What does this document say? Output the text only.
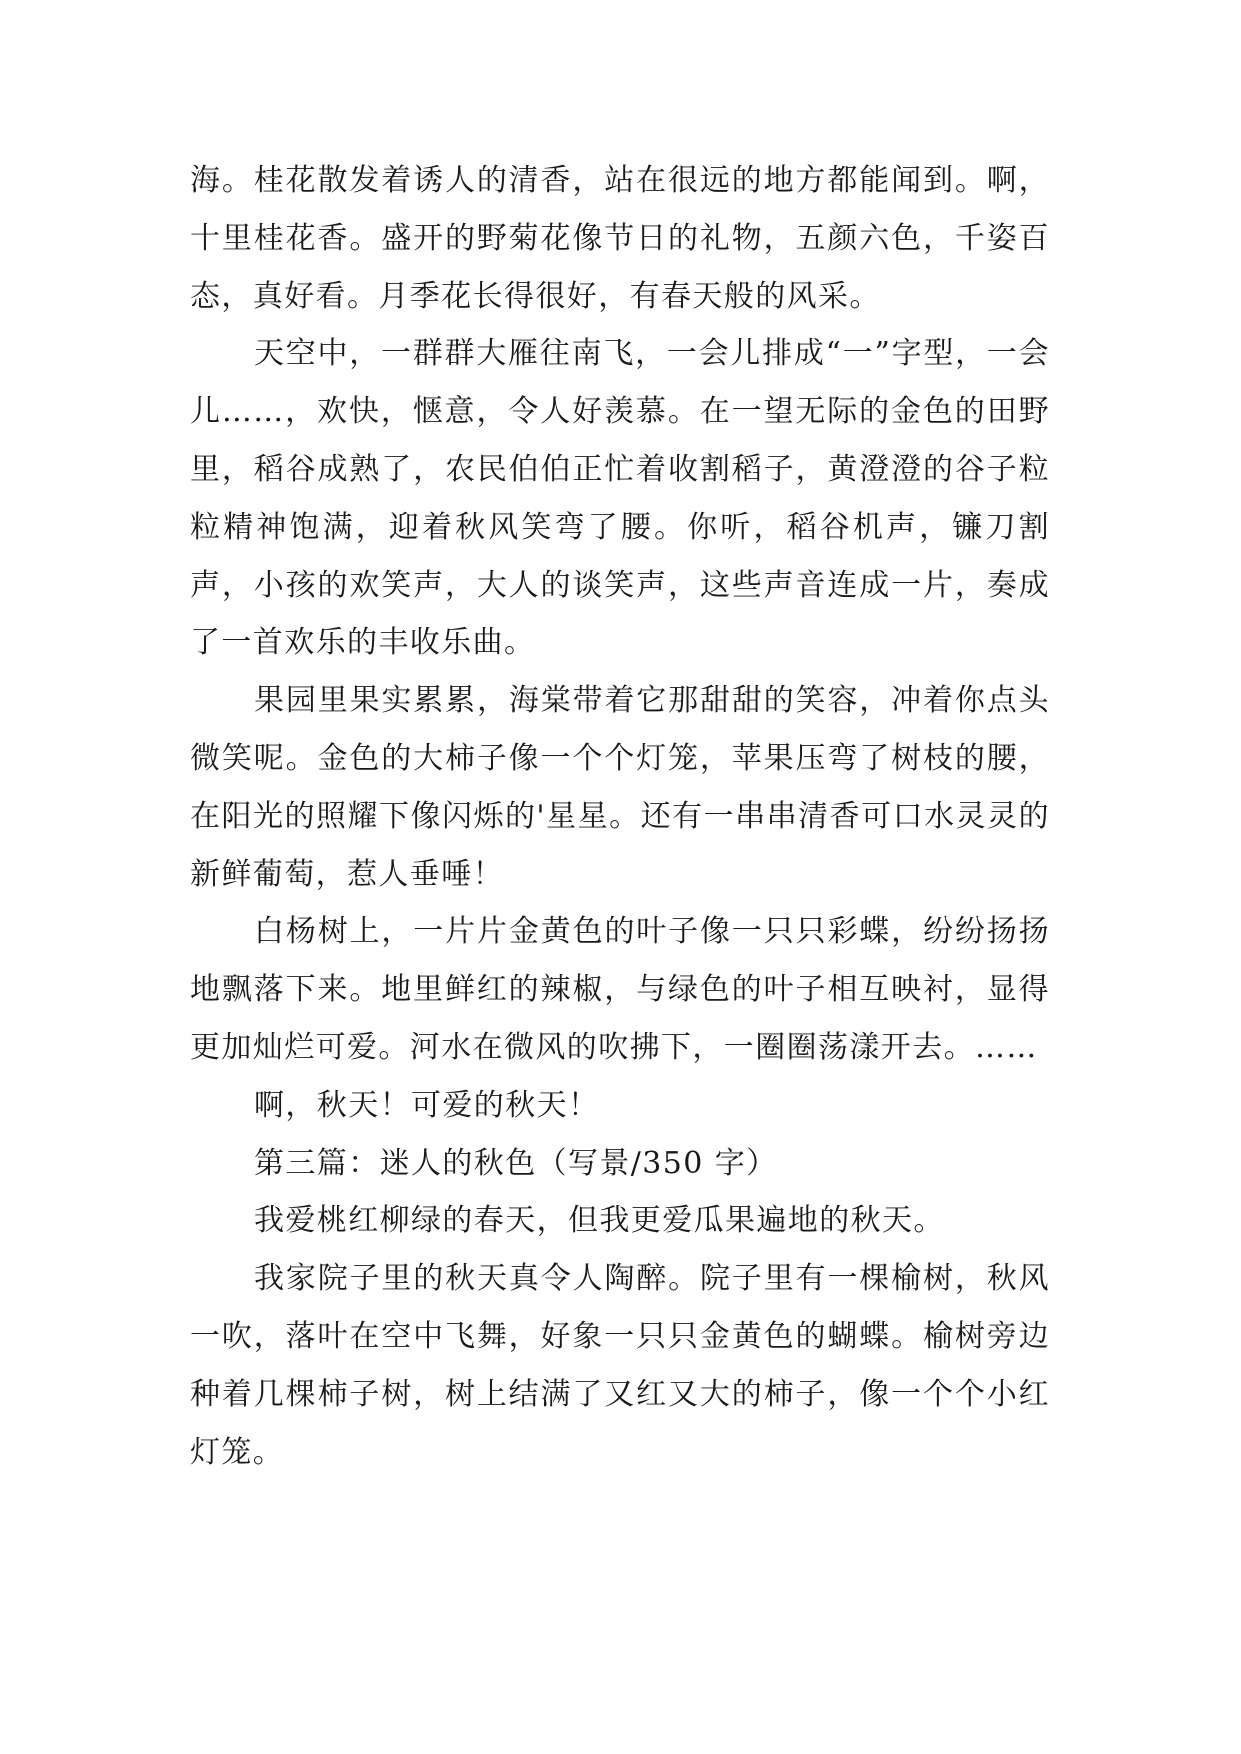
海。桂花散发着诱人的清香，站在很远的地方都能闻到。啊，十里桂花香。盛开的野菊花像节日的礼物，五颜六色，千姿百态，真好看。月季花长得很好，有春天般的风采。

天空中，一群群大雁往南飞，一会儿排成“一”字型，一会儿……，欢快，惬意，令人好羡慕。在一望无际的金色的田野里，稻谷成熟了，农民伯伯正忙着收割稻子，黄澄澄的谷子粒粒精神饱满，迎着秋风笑弯了腰。你听，稻谷机声，镰刀割声，小孩的欢笑声，大人的谈笑声，这些声音连成一片，奏成了一首欢乐的丰收乐曲。

果园里果实累累，海棠带着它那甜甜的笑容，冲着你点头微笑呢。金色的大柿子像一个个灯笼，苹果压弯了树枝的腰，在阳光的照耀下像闪烁的'星星。还有一串串清香可口水灵灵的新鲜葡萄，惹人垂唾！

白杨树上，一片片金黄色的叶子像一只只彩蝶，纷纷扬扬地飘落下来。地里鲜红的辣椒，与绿色的叶子相互映衬，显得更加灿烂可爱。河水在微风的吹拂下，一圈圈荡漾开去。……

啊，秋天！可爱的秋天！

第三篇：迷人的秋色（写景/350 字）

我爱桃红柳绿的春天，但我更爱瓜果遍地的秋天。

我家院子里的秋天真令人陶醉。院子里有一棵榆树，秋风一吹，落叶在空中飞舞，好象一只只金黄色的蝴蝶。榆树旁边种着几棵柿子树，树上结满了又红又大的柿子，像一个个小红灯笼。
